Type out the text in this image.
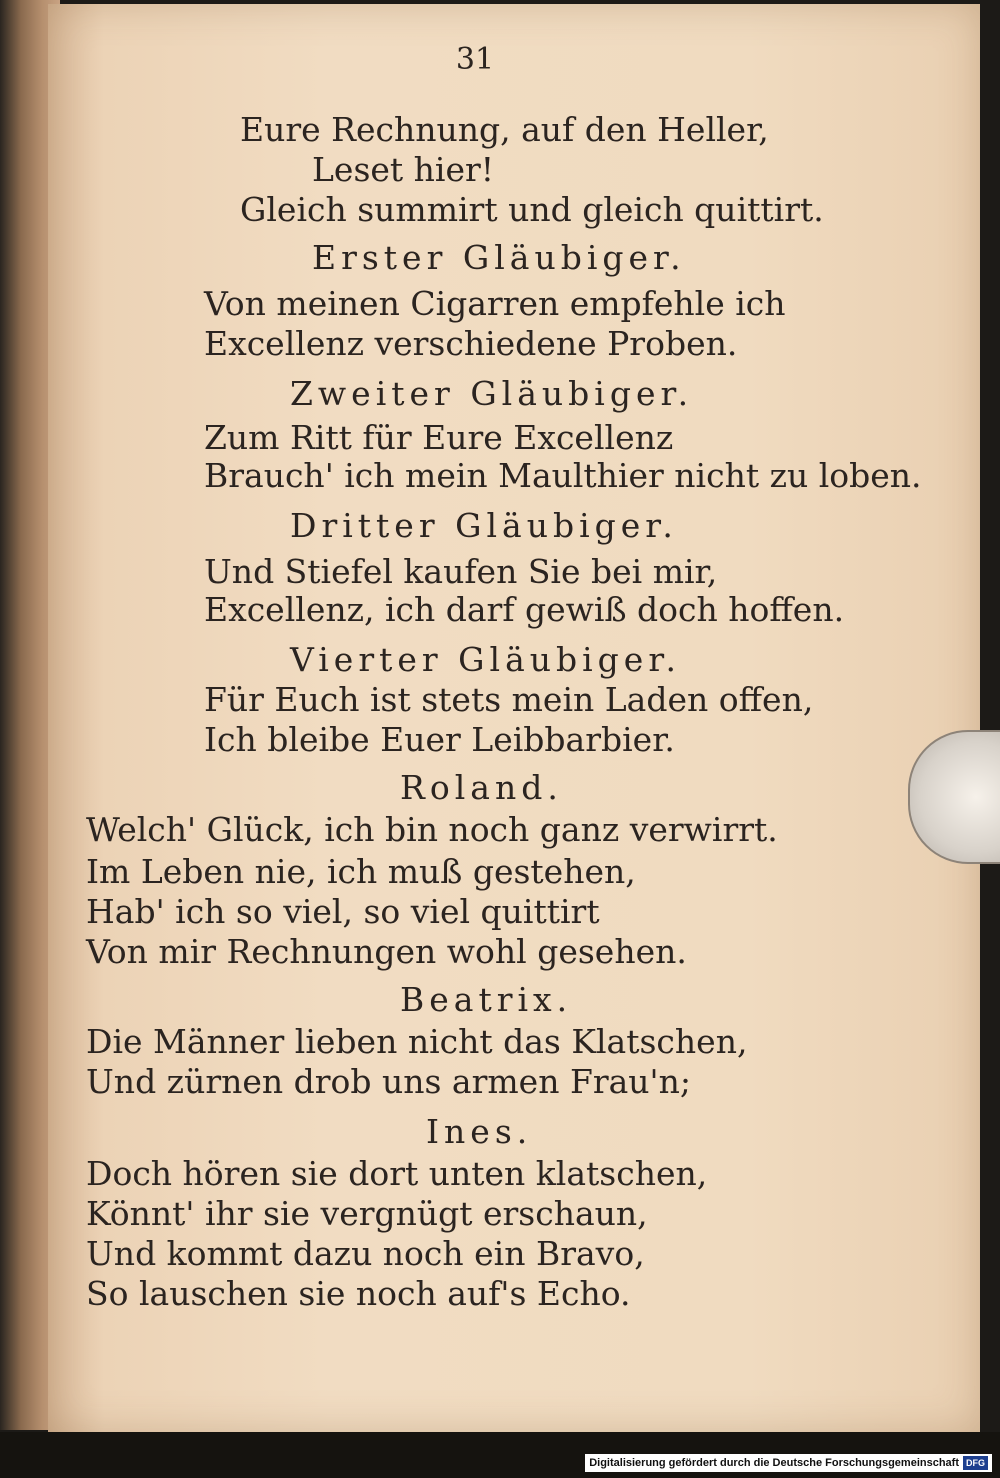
31
Eure Rechnung, auf den Heller,
Leset hier!
Gleich summirt und gleich quittirt.
Erster Gläubiger.
Von meinen Cigarren empfehle ich
Excellenz verschiedene Proben.
Zweiter Gläubiger.
Zum Ritt für Eure Excellenz
Brauch' ich mein Maulthier nicht zu loben.
Dritter Gläubiger.
Und Stiefel kaufen Sie bei mir,
Excellenz, ich darf gewiß doch hoffen.
Vierter Gläubiger.
Für Euch ist stets mein Laden offen,
Ich bleibe Euer Leibbarbier.
Roland.
Welch' Glück, ich bin noch ganz verwirrt.
Im Leben nie, ich muß gestehen,
Hab' ich so viel, so viel quittirt
Von mir Rechnungen wohl gesehen.
Beatrix.
Die Männer lieben nicht das Klatschen,
Und zürnen drob uns armen Frau'n;
Ines.
Doch hören sie dort unten klatschen,
Könnt' ihr sie vergnügt erschaun,
Und kommt dazu noch ein Bravo,
So lauschen sie noch auf's Echo.
Digitalisierung gefördert durch die Deutsche Forschungsgemeinschaft DFG
